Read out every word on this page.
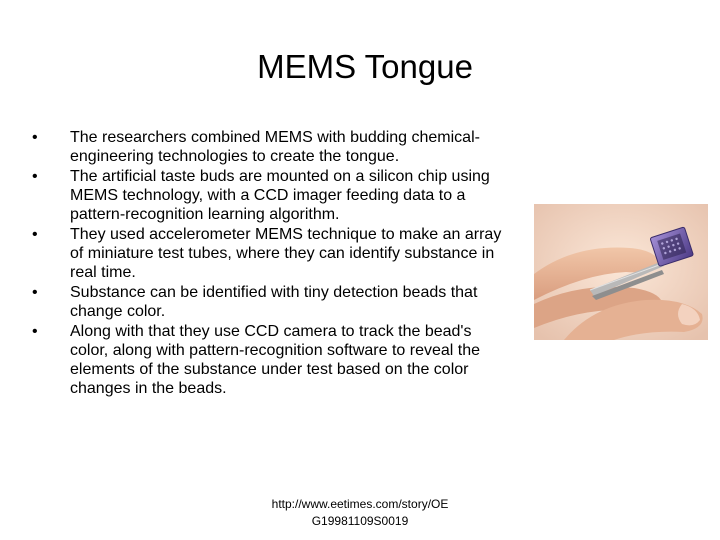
MEMS Tongue
• The researchers combined MEMS with budding chemical-engineering technologies to create the tongue.
• The artificial taste buds are mounted on a silicon chip using MEMS technology, with a CCD imager feeding data to a pattern-recognition learning algorithm.
• They used accelerometer MEMS technique to make an array of miniature test tubes, where they can identify substance in real time.
• Substance can be identified with tiny detection beads that change color.
• Along with that they use CCD camera to track the bead's color, along with pattern-recognition software to reveal the elements of the substance under test based on the color changes in the beads.
http://www.eetimes.com/story/OE
G19981109S0019
